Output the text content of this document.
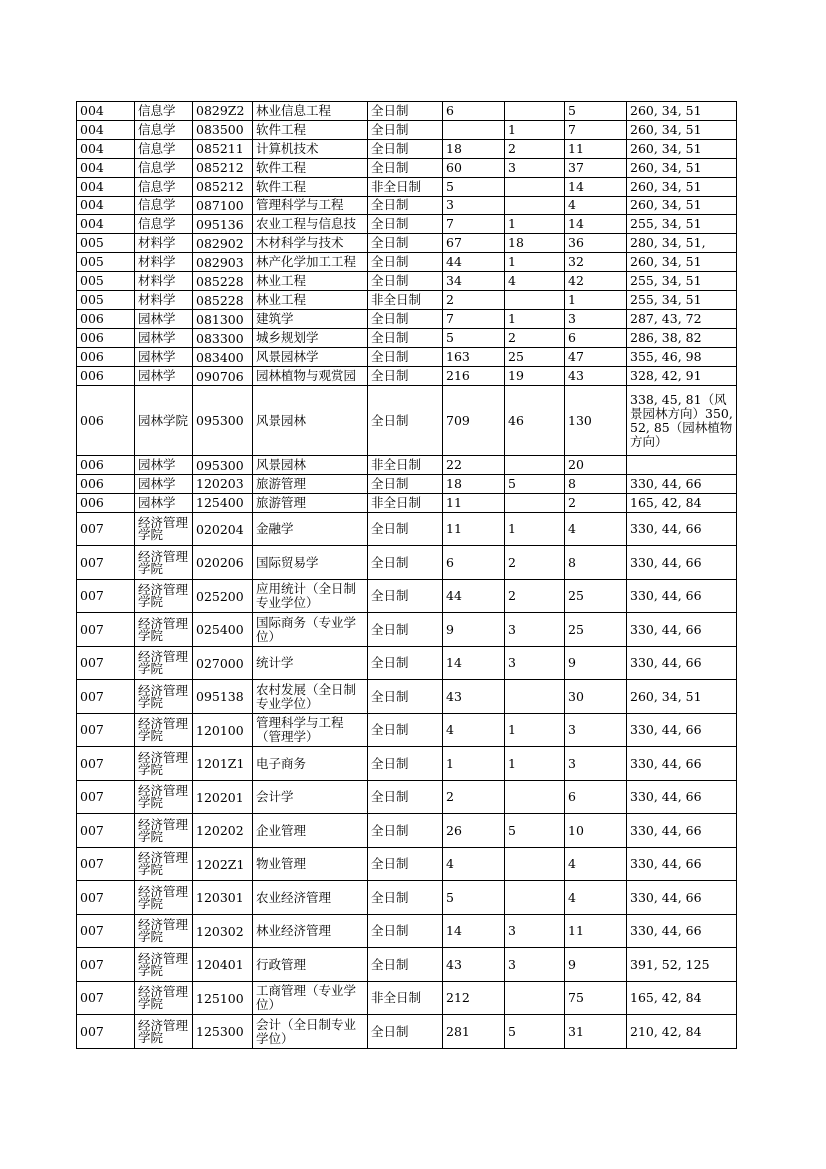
004	信息学	0829Z2	林业信息工程	全日制	6		5	260, 34, 51
004	信息学	083500	软件工程	全日制		1	7	260, 34, 51
004	信息学	085211	计算机技术	全日制	18	2	11	260, 34, 51
004	信息学	085212	软件工程	全日制	60	3	37	260, 34, 51
004	信息学	085212	软件工程	非全日制	5		14	260, 34, 51
004	信息学	087100	管理科学与工程	全日制	3		4	260, 34, 51
004	信息学	095136	农业工程与信息技	全日制	7	1	14	255, 34, 51
005	材料学	082902	木材科学与技术	全日制	67	18	36	280, 34, 51,
005	材料学	082903	林产化学加工工程	全日制	44	1	32	260, 34, 51
005	材料学	085228	林业工程	全日制	34	4	42	255, 34, 51
005	材料学	085228	林业工程	非全日制	2		1	255, 34, 51
006	园林学	081300	建筑学	全日制	7	1	3	287, 43, 72
006	园林学	083300	城乡规划学	全日制	5	2	6	286, 38, 82
006	园林学	083400	风景园林学	全日制	163	25	47	355, 46, 98
006	园林学	090706	园林植物与观赏园	全日制	216	19	43	328, 42, 91
006	园林学院	095300	风景园林	全日制	709	46	130	338, 45, 81（风景园林方向）350, 52, 85（园林植物方向）
006	园林学	095300	风景园林	非全日制	22		20	
006	园林学	120203	旅游管理	全日制	18	5	8	330, 44, 66
006	园林学	125400	旅游管理	非全日制	11		2	165, 42, 84
007	经济管理学院	020204	金融学	全日制	11	1	4	330, 44, 66
007	经济管理学院	020206	国际贸易学	全日制	6	2	8	330, 44, 66
007	经济管理学院	025200	应用统计（全日制专业学位）	全日制	44	2	25	330, 44, 66
007	经济管理学院	025400	国际商务（专业学位）	全日制	9	3	25	330, 44, 66
007	经济管理学院	027000	统计学	全日制	14	3	9	330, 44, 66
007	经济管理学院	095138	农村发展（全日制专业学位）	全日制	43		30	260, 34, 51
007	经济管理学院	120100	管理科学与工程（管理学）	全日制	4	1	3	330, 44, 66
007	经济管理学院	1201Z1	电子商务	全日制	1	1	3	330, 44, 66
007	经济管理学院	120201	会计学	全日制	2		6	330, 44, 66
007	经济管理学院	120202	企业管理	全日制	26	5	10	330, 44, 66
007	经济管理学院	1202Z1	物业管理	全日制	4		4	330, 44, 66
007	经济管理学院	120301	农业经济管理	全日制	5		4	330, 44, 66
007	经济管理学院	120302	林业经济管理	全日制	14	3	11	330, 44, 66
007	经济管理学院	120401	行政管理	全日制	43	3	9	391, 52, 125
007	经济管理学院	125100	工商管理（专业学位）	非全日制	212		75	165, 42, 84
007	经济管理学院	125300	会计（全日制专业学位）	全日制	281	5	31	210, 42, 84
